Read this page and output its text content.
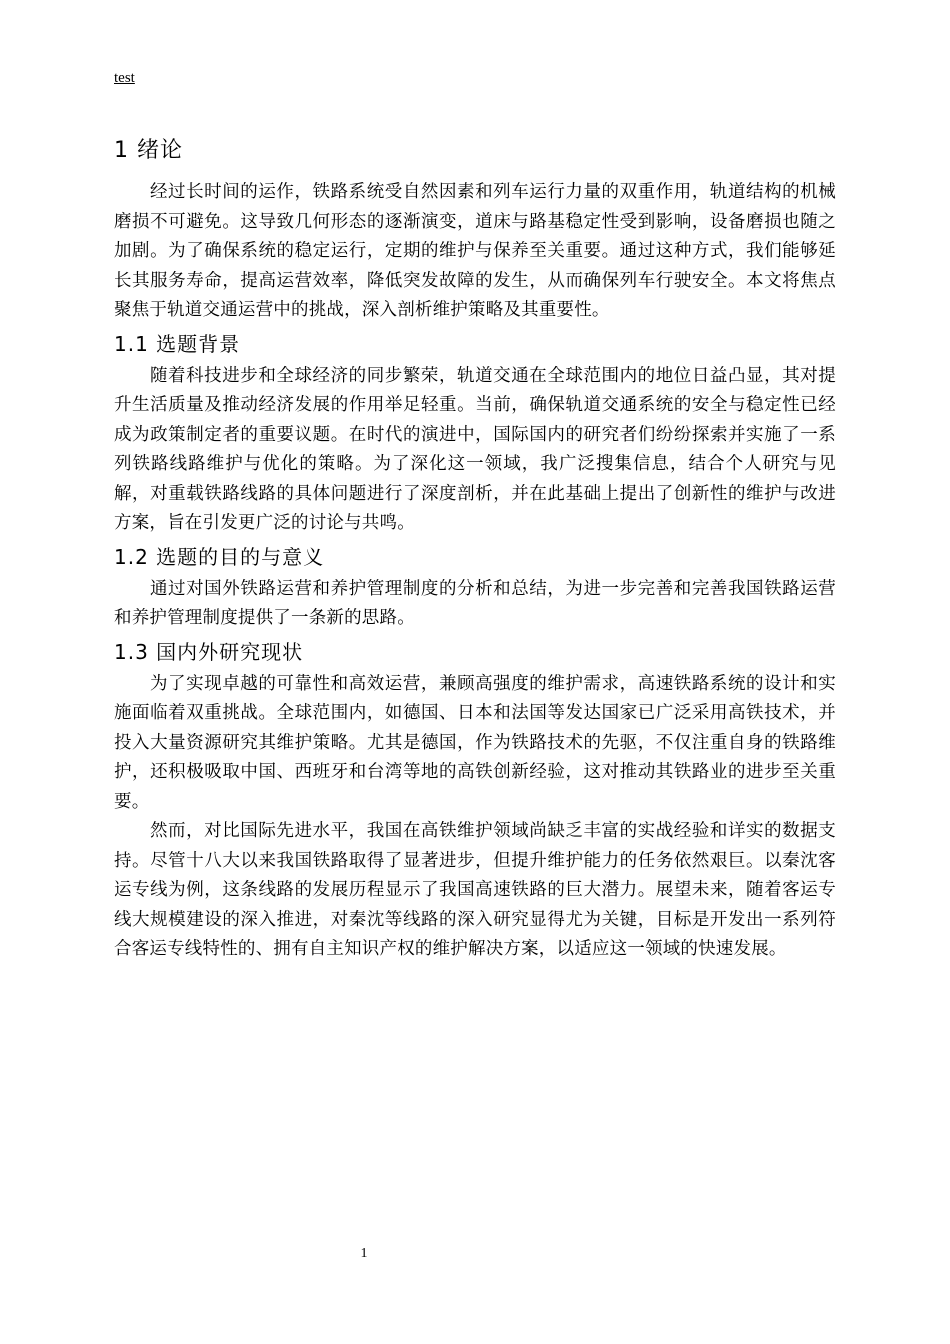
test
1 绪论

经过长时间的运作，铁路系统受自然因素和列车运行力量的双重作用，轨道结构的机械磨损不可避免。这导致几何形态的逐渐演变，道床与路基稳定性受到影响，设备磨损也随之加剧。为了确保系统的稳定运行，定期的维护与保养至关重要。通过这种方式，我们能够延长其服务寿命，提高运营效率，降低突发故障的发生，从而确保列车行驶安全。本文将焦点聚焦于轨道交通运营中的挑战，深入剖析维护策略及其重要性。

1.1 选题背景

随着科技进步和全球经济的同步繁荣，轨道交通在全球范围内的地位日益凸显，其对提升生活质量及推动经济发展的作用举足轻重。当前，确保轨道交通系统的安全与稳定性已经成为政策制定者的重要议题。在时代的演进中，国际国内的研究者们纷纷探索并实施了一系列铁路线路维护与优化的策略。为了深化这一领域，我广泛搜集信息，结合个人研究与见解，对重载铁路线路的具体问题进行了深度剖析，并在此基础上提出了创新性的维护与改进方案，旨在引发更广泛的讨论与共鸣。

1.2 选题的目的与意义

通过对国外铁路运营和养护管理制度的分析和总结，为进一步完善和完善我国铁路运营和养护管理制度提供了一条新的思路。

1.3 国内外研究现状

为了实现卓越的可靠性和高效运营，兼顾高强度的维护需求，高速铁路系统的设计和实施面临着双重挑战。全球范围内，如德国、日本和法国等发达国家已广泛采用高铁技术，并投入大量资源研究其维护策略。尤其是德国，作为铁路技术的先驱，不仅注重自身的铁路维护，还积极吸取中国、西班牙和台湾等地的高铁创新经验，这对推动其铁路业的进步至关重要。

然而，对比国际先进水平，我国在高铁维护领域尚缺乏丰富的实战经验和详实的数据支持。尽管十八大以来我国铁路取得了显著进步，但提升维护能力的任务依然艰巨。以秦沈客运专线为例，这条线路的发展历程显示了我国高速铁路的巨大潜力。展望未来，随着客运专线大规模建设的深入推进，对秦沈等线路的深入研究显得尤为关键，目标是开发出一系列符合客运专线特性的、拥有自主知识产权的维护解决方案，以适应这一领域的快速发展。

1
